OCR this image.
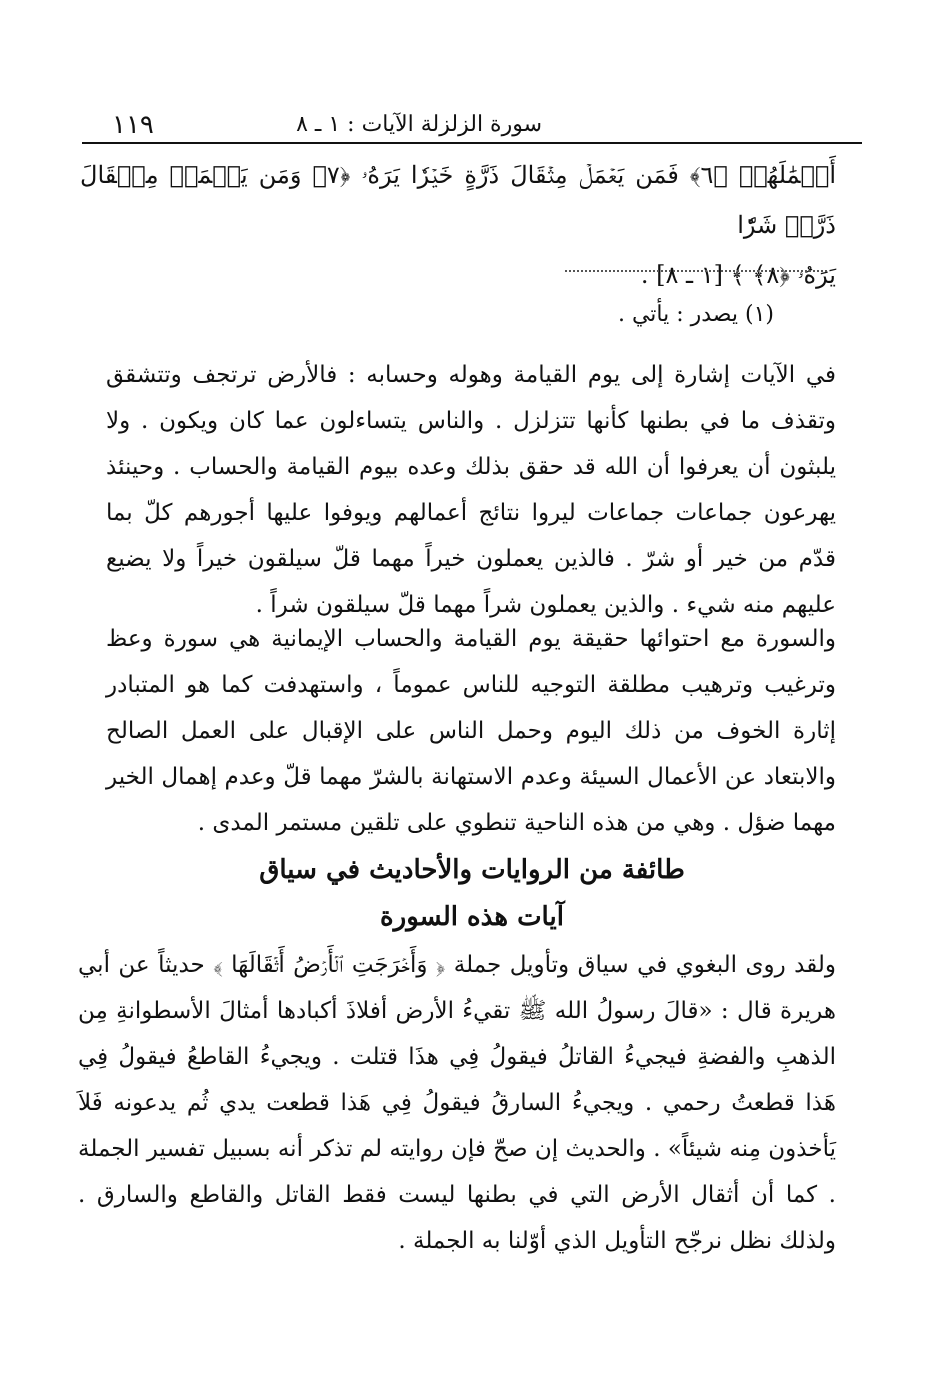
١١٩	سورة الزلزلة الآيات : ١ ـ ٨
أَعۡمَٰلَهُمۡ ﴿٦﴾ فَمَن يَعۡمَلۡ مِثۡقَالَ ذَرَّةٍ خَيۡرٗا يَرَهُۥ ﴿٧﴾ وَمَن يَعۡمَلۡ مِثۡقَالَ ذَرَّةٖ شَرّٗا
يَرَهُۥ ﴿٨﴾ ﴾ [١ ـ ٨] .
(١) يصدر : يأتي .
في الآيات إشارة إلى يوم القيامة وهوله وحسابه : فالأرض ترتجف وتتشقق وتقذف ما في بطنها كأنها تتزلزل . والناس يتساءلون عما كان ويكون . ولا يلبثون أن يعرفوا أن الله قد حقق بذلك وعده بيوم القيامة والحساب . وحينئذ يهرعون جماعات جماعات ليروا نتائج أعمالهم ويوفوا عليها أجورهم كلّ بما قدّم من خير أو شرّ . فالذين يعملون خيراً مهما قلّ سيلقون خيراً ولا يضيع عليهم منه شيء . والذين يعملون شراً مهما قلّ سيلقون شراً .
والسورة مع احتوائها حقيقة يوم القيامة والحساب الإيمانية هي سورة وعظ وترغيب وترهيب مطلقة التوجيه للناس عموماً ، واستهدفت كما هو المتبادر إثارة الخوف من ذلك اليوم وحمل الناس على الإقبال على العمل الصالح والابتعاد عن الأعمال السيئة وعدم الاستهانة بالشرّ مهما قلّ وعدم إهمال الخير مهما ضؤل . وهي من هذه الناحية تنطوي على تلقين مستمر المدى .
طائفة من الروايات والأحاديث في سياق
آيات هذه السورة
ولقد روى البغوي في سياق وتأويل جملة ﴿ وَأَخۡرَجَتِ ٱلۡأَرۡضُ أَثۡقَالَهَا ﴾ حديثاً عن أبي هريرة قال : «قالَ رسولُ الله ﷺ تقيءُ الأرض أفلاذَ أكبادها أمثالَ الأسطوانةِ مِن الذهبِ والفضةِ فيجيءُ القاتلُ فيقولُ فِي هذَا قتلت . ويجيءُ القاطعُ فيقولُ فِي هَذا قطعتُ رحمي . ويجيءُ السارقُ فيقولُ فِي هَذا قطعت يدي ثُم يدعونه فَلاَ يَأخذون مِنه شيئاً» . والحديث إن صحّ فإن روايته لم تذكر أنه بسبيل تفسير الجملة . كما أن أثقال الأرض التي في بطنها ليست فقط القاتل والقاطع والسارق . ولذلك نظل نرجّح التأويل الذي أوّلنا به الجملة .
